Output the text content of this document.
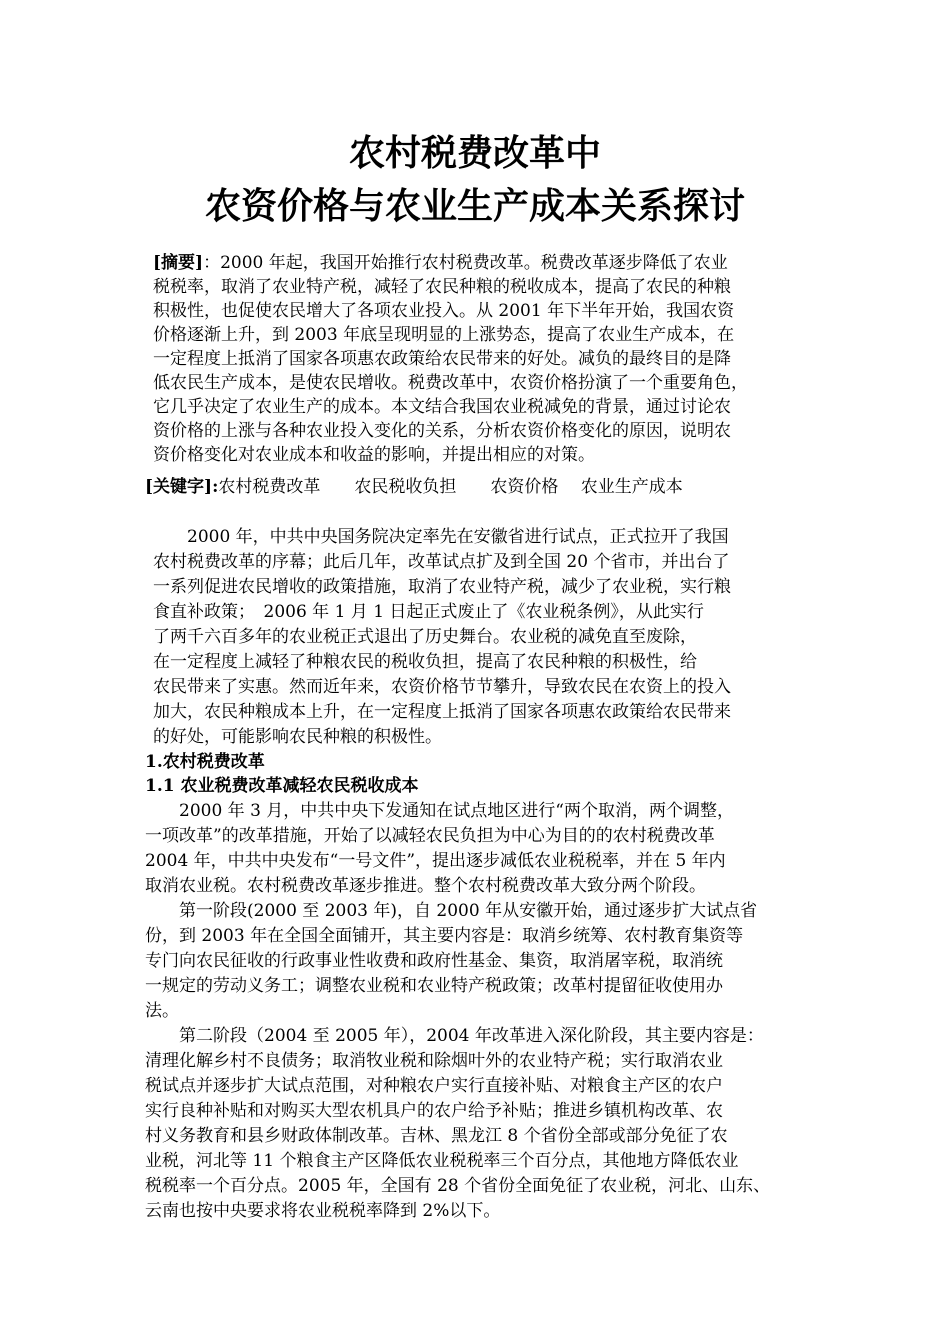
农村税费改革中
农资价格与农业生产成本关系探讨
[摘要]：2000 年起，我国开始推行农村税费改革。税费改革逐步降低了农业
税税率，取消了农业特产税，减轻了农民种粮的税收成本，提高了农民的种粮
积极性，也促使农民增大了各项农业投入。从 2001 年下半年开始，我国农资
价格逐渐上升，到 2003 年底呈现明显的上涨势态，提高了农业生产成本，在
一定程度上抵消了国家各项惠农政策给农民带来的好处。减负的最终目的是降
低农民生产成本，是使农民增收。税费改革中，农资价格扮演了一个重要角色，
它几乎决定了农业生产的成本。本文结合我国农业税减免的背景，通过讨论农
资价格的上涨与各种农业投入变化的关系，分析农资价格变化的原因，说明农
资价格变化对农业成本和收益的影响，并提出相应的对策。
[关键字]:农村税费改革　　农民税收负担　　农资价格　 农业生产成本
　　2000 年，中共中央国务院决定率先在安徽省进行试点，正式拉开了我国
农村税费改革的序幕；此后几年，改革试点扩及到全国 20 个省市，并出台了
一系列促进农民增收的政策措施，取消了农业特产税，减少了农业税，实行粮
食直补政策；　2006 年 1 月 1 日起正式废止了《农业税条例》，从此实行
了两千六百多年的农业税正式退出了历史舞台。农业税的减免直至废除，
在一定程度上减轻了种粮农民的税收负担，提高了农民种粮的积极性，给
农民带来了实惠。然而近年来，农资价格节节攀升，导致农民在农资上的投入
加大，农民种粮成本上升，在一定程度上抵消了国家各项惠农政策给农民带来
的好处，可能影响农民种粮的积极性。
1.农村税费改革
1.1 农业税费改革减轻农民税收成本
　　2000 年 3 月，中共中央下发通知在试点地区进行“两个取消，两个调整，
一项改革”的改革措施，开始了以减轻农民负担为中心为目的的农村税费改革
2004 年，中共中央发布“一号文件”，提出逐步减低农业税税率，并在 5 年内
取消农业税。农村税费改革逐步推进。整个农村税费改革大致分两个阶段。
　　第一阶段(2000 至 2003 年)，自 2000 年从安徽开始，通过逐步扩大试点省
份，到 2003 年在全国全面铺开，其主要内容是：取消乡统筹、农村教育集资等
专门向农民征收的行政事业性收费和政府性基金、集资，取消屠宰税，取消统
一规定的劳动义务工；调整农业税和农业特产税政策；改革村提留征收使用办
法。
　　第二阶段（2004 至 2005 年），2004 年改革进入深化阶段，其主要内容是：
清理化解乡村不良债务；取消牧业税和除烟叶外的农业特产税；实行取消农业
税试点并逐步扩大试点范围，对种粮农户实行直接补贴、对粮食主产区的农户
实行良种补贴和对购买大型农机具户的农户给予补贴；推进乡镇机构改革、农
村义务教育和县乡财政体制改革。吉林、黑龙江 8 个省份全部或部分免征了农
业税，河北等 11 个粮食主产区降低农业税税率三个百分点，其他地方降低农业
税税率一个百分点。2005 年，全国有 28 个省份全面免征了农业税，河北、山东、
云南也按中央要求将农业税税率降到 2%以下。
